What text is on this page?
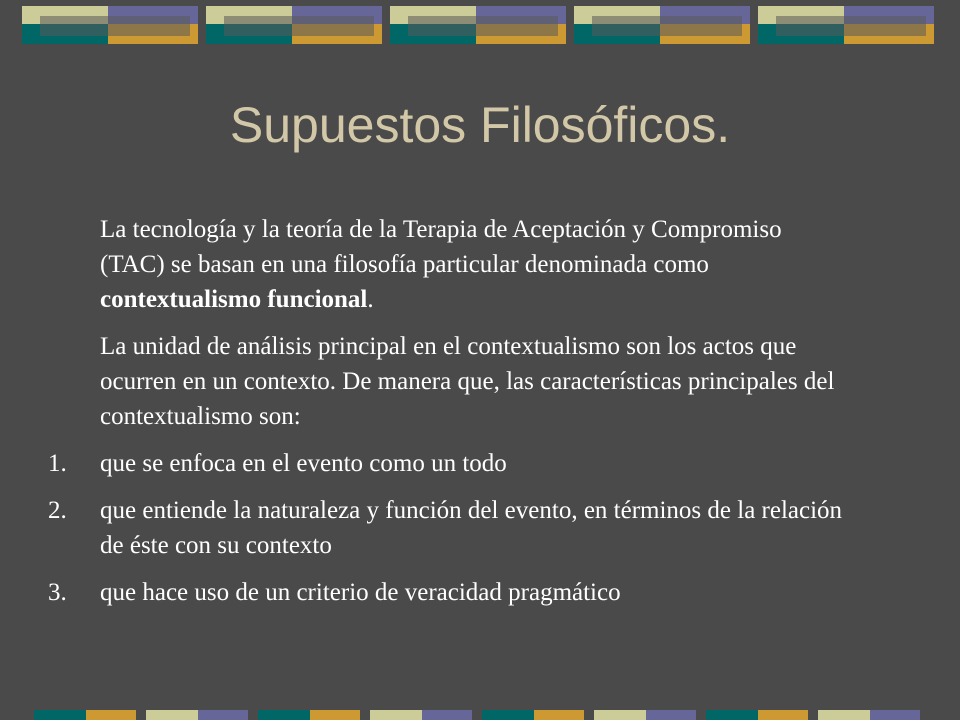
Supuestos Filosóficos.

La tecnología y la teoría de la Terapia de Aceptación y Compromiso (TAC) se basan en una filosofía particular denominada como contextualismo funcional.

La unidad de análisis principal en el contextualismo son los actos que ocurren en un contexto. De manera que, las características principales del contextualismo son:

1. que se enfoca en el evento como un todo
2. que entiende la naturaleza y función del evento, en términos de la relación de éste con su contexto
3. que hace uso de un criterio de veracidad pragmático
